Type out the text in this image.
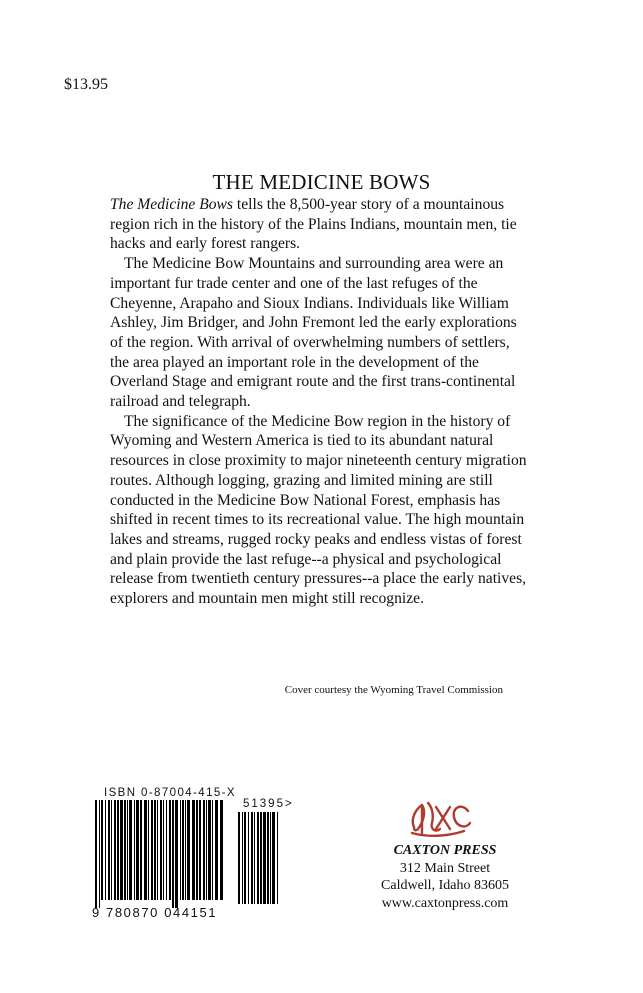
$13.95
THE MEDICINE BOWS

The Medicine Bows tells the 8,500-year story of a mountainous region rich in the history of the Plains Indians, mountain men, tie hacks and early forest rangers.

The Medicine Bow Mountains and surrounding area were an important fur trade center and one of the last refuges of the Cheyenne, Arapaho and Sioux Indians. Individuals like William Ashley, Jim Bridger, and John Fremont led the early explorations of the region. With arrival of overwhelming numbers of settlers, the area played an important role in the development of the Overland Stage and emigrant route and the first trans-continental railroad and telegraph.

The significance of the Medicine Bow region in the history of Wyoming and Western America is tied to its abundant natural resources in close proximity to major nineteenth century migration routes. Although logging, grazing and limited mining are still conducted in the Medicine Bow National Forest, emphasis has shifted in recent times to its recreational value. The high mountain lakes and streams, rugged rocky peaks and endless vistas of forest and plain provide the last refuge--a physical and psychological release from twentieth century pressures--a place the early natives, explorers and mountain men might still recognize.

Cover courtesy the Wyoming Travel Commission
ISBN 0-87004-415-X
51395>
9 780870 044151
CAXTON PRESS
312 Main Street
Caldwell, Idaho 83605
www.caxtonpress.com
